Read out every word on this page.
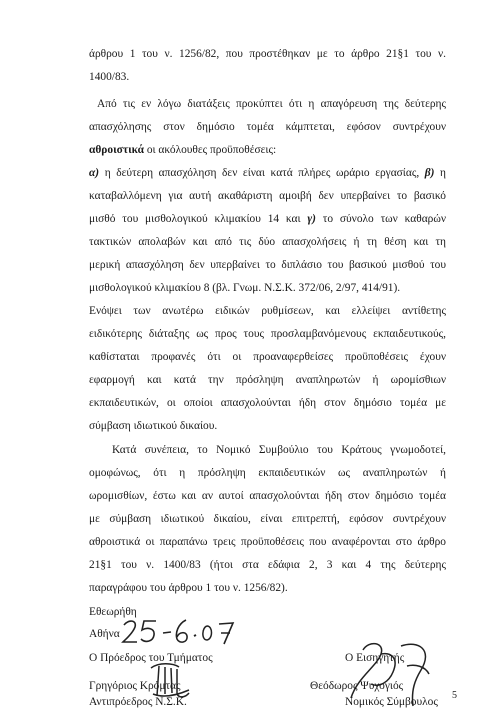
άρθρου 1 του ν. 1256/82, που προστέθηκαν με το άρθρο 21§1 του ν.
1400/83.
Από τις εν λόγω διατάξεις προκύπτει ότι η απαγόρευση της δεύτερης
απασχόλησης στον δημόσιο τομέα κάμπτεται, εφόσον συντρέχουν
αθροιστικά οι ακόλουθες προϋποθέσεις:
α) η δεύτερη απασχόληση δεν είναι κατά πλήρες ωράριο εργασίας, β) η
καταβαλλόμενη για αυτή ακαθάριστη αμοιβή δεν υπερβαίνει το βασικό
μισθό του μισθολογικού κλιμακίου 14 και γ) το σύνολο των καθαρών
τακτικών απολαβών και από τις δύο απασχολήσεις ή τη θέση και τη
μερική απασχόληση δεν υπερβαίνει το διπλάσιο του βασικού μισθού του
μισθολογικού κλιμακίου 8 (βλ. Γνωμ. Ν.Σ.Κ. 372/06, 2/97, 414/91).
Ενόψει των ανωτέρω ειδικών ρυθμίσεων, και ελλείψει αντίθετης
ειδικότερης διάταξης ως προς τους προσλαμβανόμενους εκπαιδευτικούς,
καθίσταται προφανές ότι οι προαναφερθείσες προϋποθέσεις έχουν
εφαρμογή και κατά την πρόσληψη αναπληρωτών ή ωρομίσθιων
εκπαιδευτικών, οι οποίοι απασχολούνται ήδη στον δημόσιο τομέα με
σύμβαση ιδιωτικού δικαίου.
Κατά συνέπεια, το Νομικό Συμβούλιο του Κράτους γνωμοδοτεί,
ομοφώνως, ότι η πρόσληψη εκπαιδευτικών ως αναπληρωτών ή
ωρομισθίων, έστω και αν αυτοί απασχολούνται ήδη στον δημόσιο τομέα
με σύμβαση ιδιωτικού δικαίου, είναι επιτρεπτή, εφόσον συντρέχουν
αθροιστικά οι παραπάνω τρεις προϋποθέσεις που αναφέρονται στο άρθρο
21§1 του ν. 1400/83 (ήτοι στα εδάφια 2, 3 και 4 της δεύτερης
παραγράφου του άρθρου 1 του ν. 1256/82).
Εθεωρήθη
Αθήνα
Ο Πρόεδρος του Τμήματος	Ο Εισηγητής
Γρηγόριος Κρόμτας	Θεόδωρος Ψυχογιός
Αντιπρόεδρος Ν.Σ.Κ.	Νομικός Σύμβουλος
5
